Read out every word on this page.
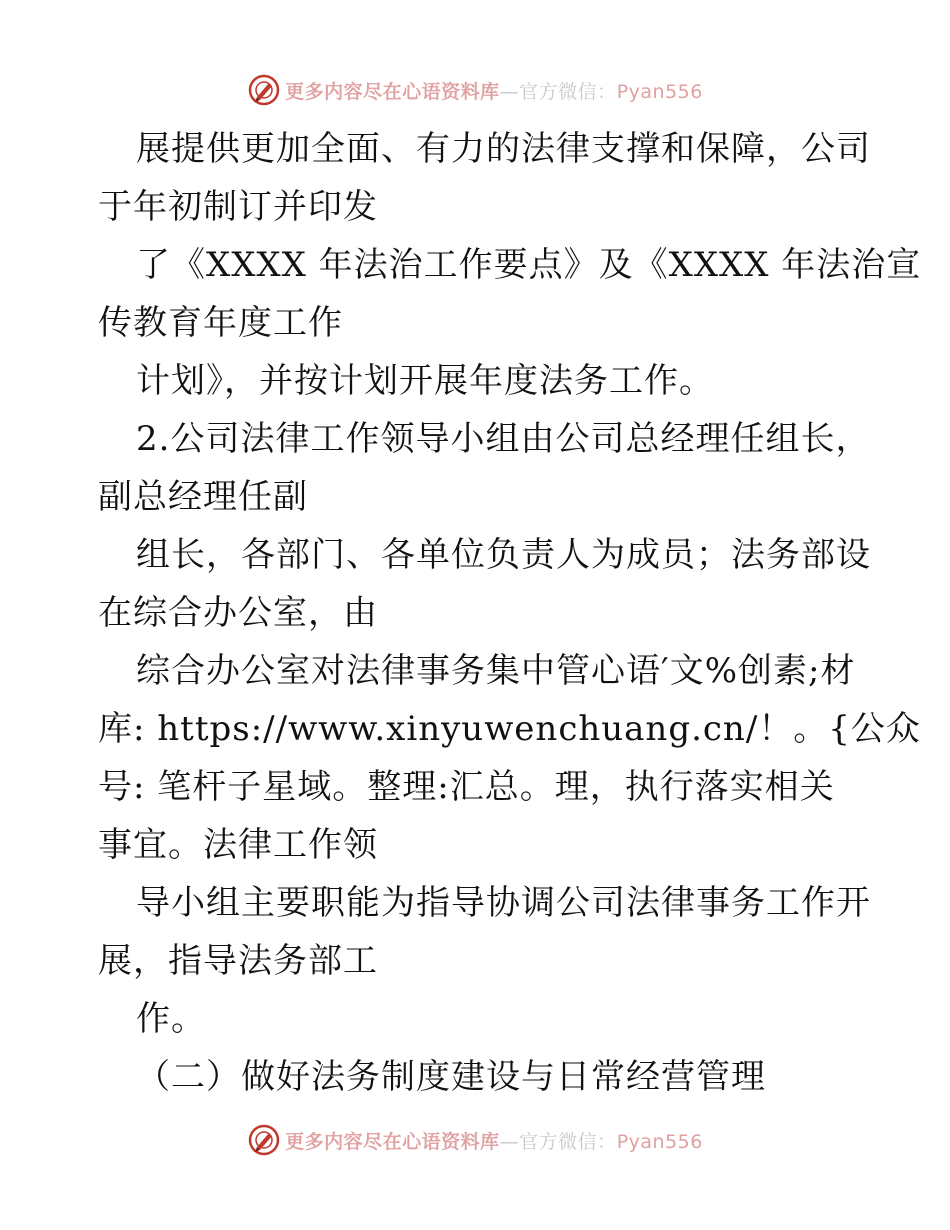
更多内容尽在心语资料库—官方微信：Pyan556
展提供更加全面、有力的法律支撑和保障，公司
于年初制订并印发
了《XXXX 年法治工作要点》及《XXXX 年法治宣
传教育年度工作
计划》，并按计划开展年度法务工作。
2.公司法律工作领导小组由公司总经理任组长，
副总经理任副
组长，各部门、各单位负责人为成员；法务部设
在综合办公室，由
综合办公室对法律事务集中管心语′文%创素;材
库: https://www.xinyuwenchuang.cn/！。{公众
号: 笔杆子星域。整理:汇总。理，执行落实相关
事宜。法律工作领
导小组主要职能为指导协调公司法律事务工作开
展，指导法务部工
作。
（二）做好法务制度建设与日常经营管理
更多内容尽在心语资料库—官方微信：Pyan556
